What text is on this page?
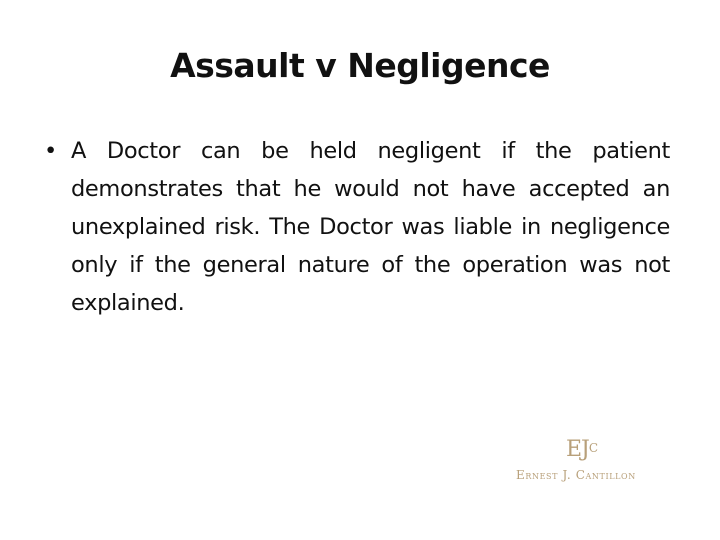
Assault v Negligence
• A Doctor can be held negligent if the patient demonstrates that he would not have accepted an unexplained risk. The Doctor was liable in negligence only if the general nature of the operation was not explained.
$EJ^C$
Ernest J. Cantillon
